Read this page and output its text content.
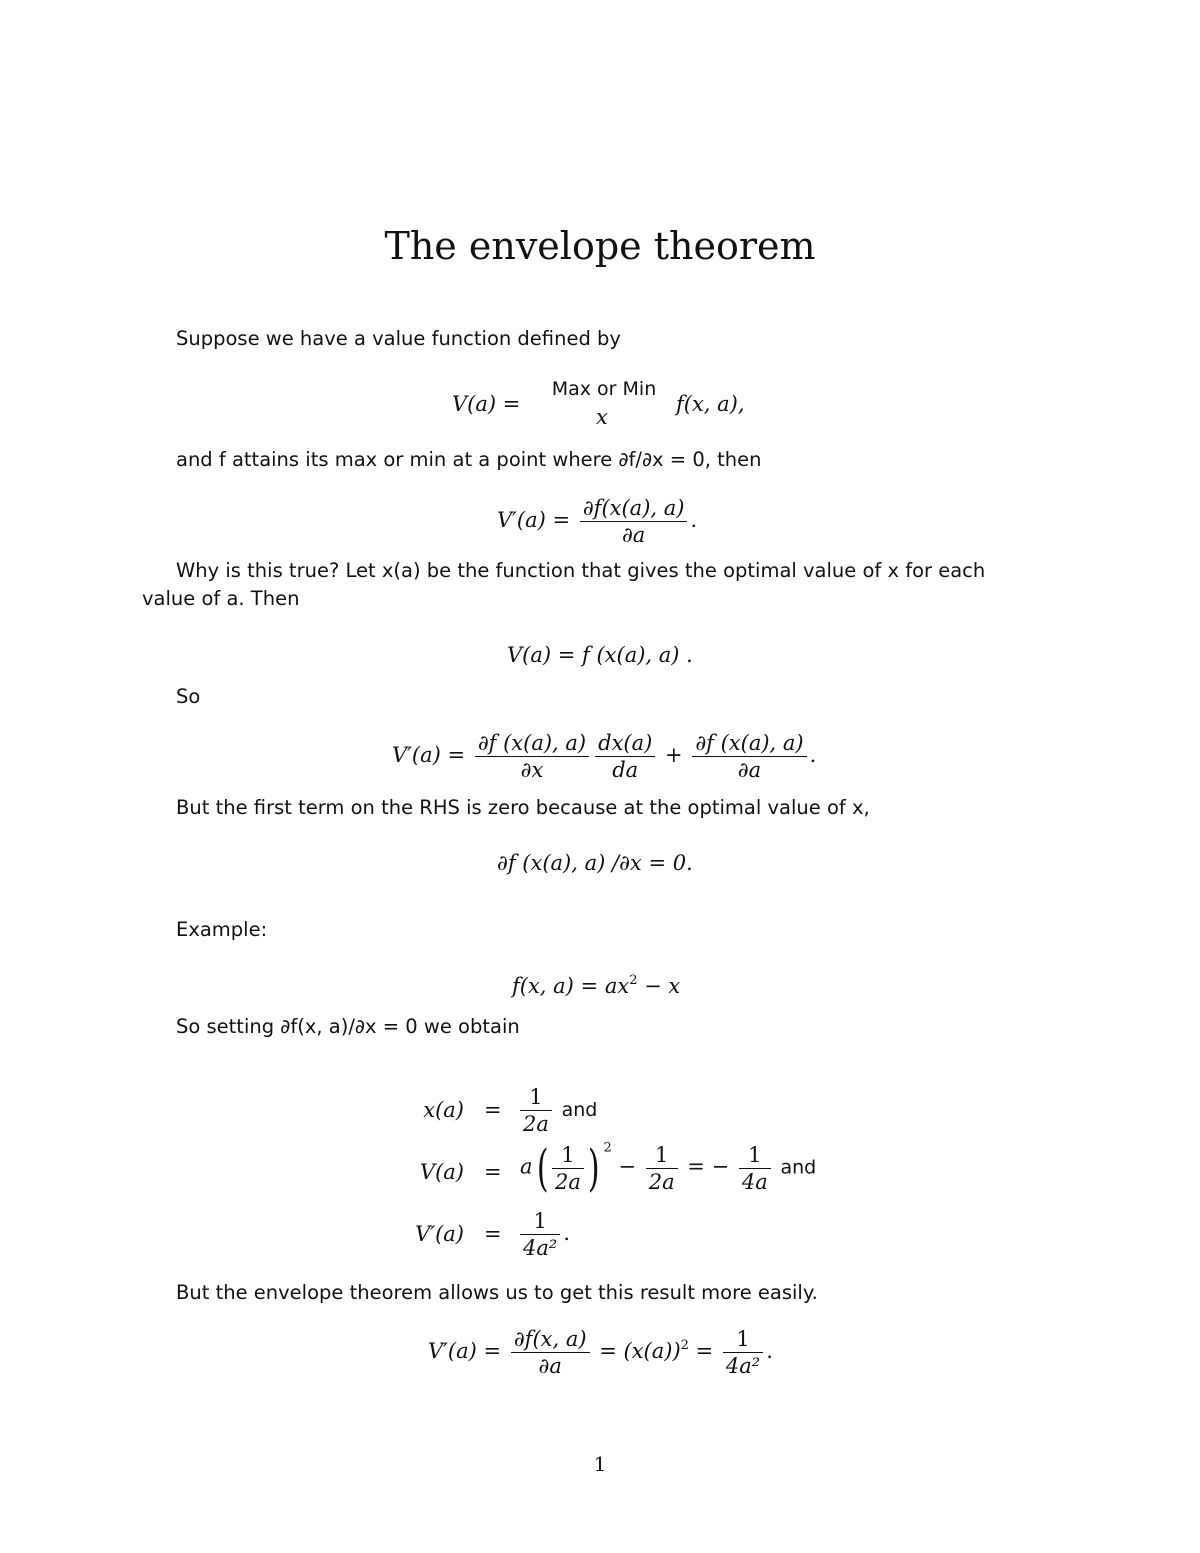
The envelope theorem
Suppose we have a value function defined by
V(a) =
Max or Min
x
f(x, a),
and f attains its max or min at a point where ∂f/∂x = 0, then
$V'(a) = \frac{\partial f(x(a), a)}{\partial a}$ .
Why is this true? Let x(a) be the function that gives the optimal value of x for each
value of a. Then
V(a) = f (x(a), a) .
So
$V'(a) = \frac{\partial f (x(a), a)}{\partial x} \frac{dx(a)}{da} + \frac{\partial f (x(a), a)}{\partial a}$ .
But the first term on the RHS is zero because at the optimal value of x,
∂f (x(a), a) /∂x = 0.
Example:
f(x, $a) = ax^2 - x$
So setting ∂f(x, a)/∂x = 0 we obtain
$x(a) = \frac{1}{2a}$ and
$V(a) = a( \frac{1}{2a}$ ) $^2 - \frac{1}{2a}$ = − $\frac{1}{4a}$ and
$V'(a) = \frac{1}{\text{4a²}}$ .
But the envelope theorem allows us to get this result more easily.
$V'(a) = \frac{\partial f(x, a)}{\partial a} = (x(a))^2 = \frac{1}{\text{4a²}}$ .
1
